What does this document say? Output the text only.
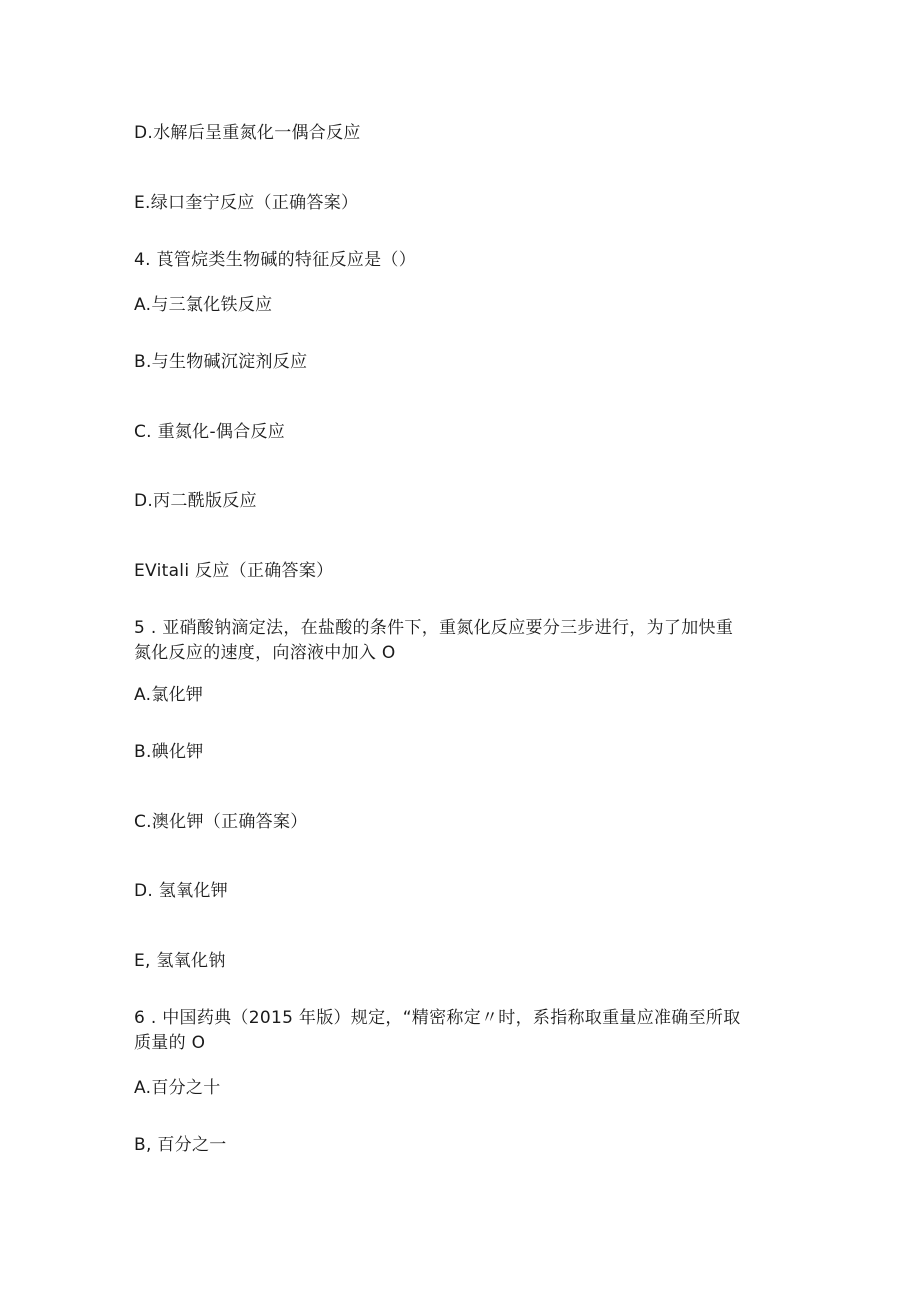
D.水解后呈重氮化一偶合反应
E.绿口奎宁反应（正确答案）
4. 莨管烷类生物碱的特征反应是（）
A.与三氯化铁反应
B.与生物碱沉淀剂反应
C. 重氮化-偶合反应
D.丙二酰版反应
EVitali 反应（正确答案）
5 . 亚硝酸钠滴定法，在盐酸的条件下，重氮化反应要分三步进行，为了加快重
氮化反应的速度，向溶液中加入 O
A.氯化钾
B.碘化钾
C.澳化钾（正确答案）
D. 氢氧化钾
E, 氢氧化钠
6 . 中国药典（2015 年版）规定，“精密称定〃时，系指称取重量应准确至所取
质量的 O
A.百分之十
B, 百分之一
